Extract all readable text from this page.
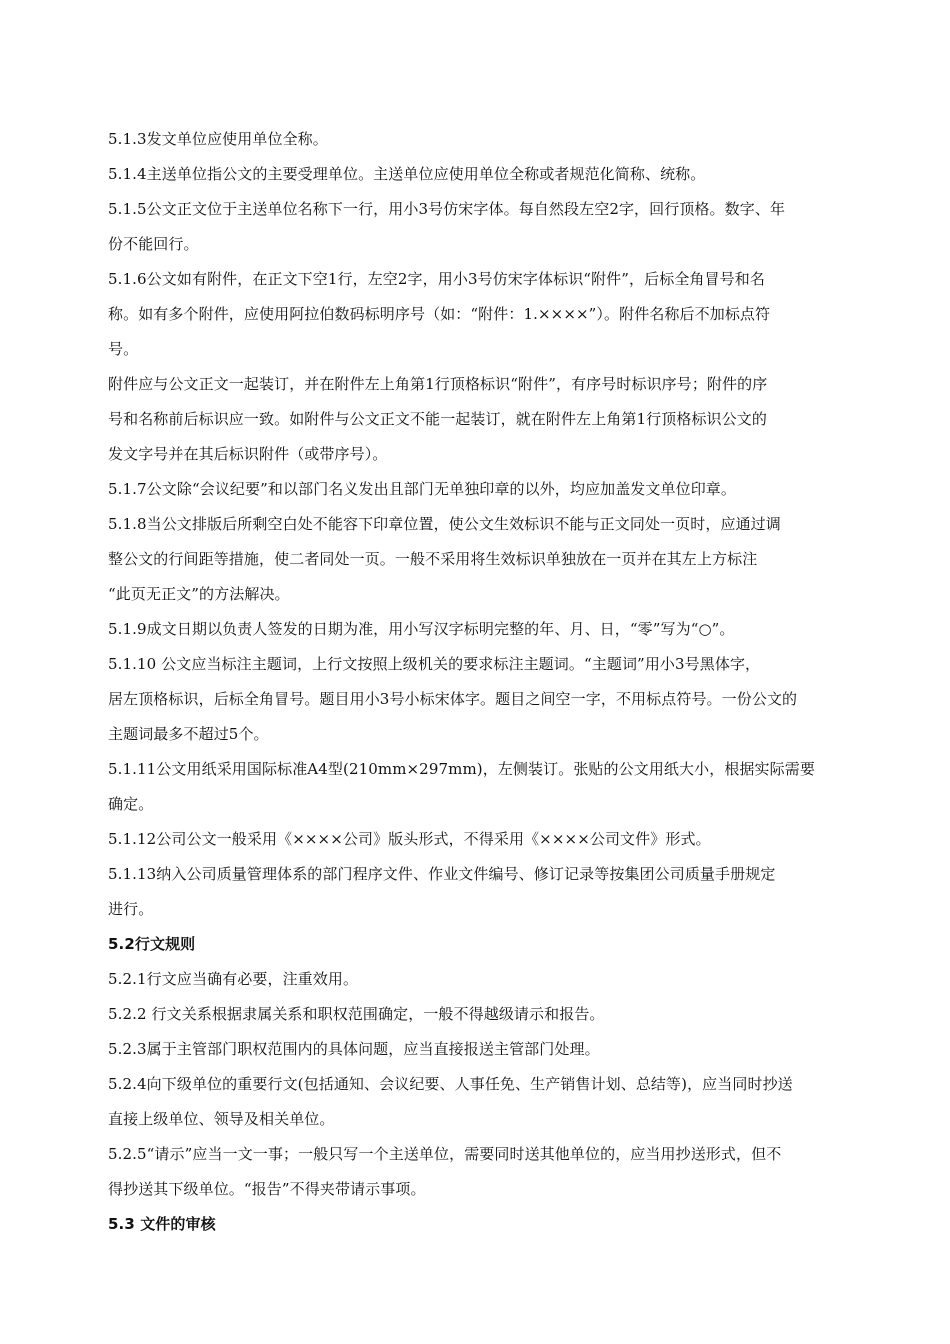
5.1.3发文单位应使用单位全称。

5.1.4主送单位指公文的主要受理单位。主送单位应使用单位全称或者规范化简称、统称。

5.1.5公文正文位于主送单位名称下一行，用小3号仿宋字体。每自然段左空2字，回行顶格。数字、年

份不能回行。

5.1.6公文如有附件，在正文下空1行，左空2字，用小3号仿宋字体标识“附件”，后标全角冒号和名

称。如有多个附件，应使用阿拉伯数码标明序号（如：“附件：1.××××”）。附件名称后不加标点符

号。

附件应与公文正文一起装订，并在附件左上角第1行顶格标识“附件”，有序号时标识序号；附件的序

号和名称前后标识应一致。如附件与公文正文不能一起装订，就在附件左上角第1行顶格标识公文的

发文字号并在其后标识附件（或带序号）。

5.1.7公文除“会议纪要”和以部门名义发出且部门无单独印章的以外，均应加盖发文单位印章。

5.1.8当公文排版后所剩空白处不能容下印章位置，使公文生效标识不能与正文同处一页时，应通过调

整公文的行间距等措施，使二者同处一页。一般不采用将生效标识单独放在一页并在其左上方标注

“此页无正文”的方法解决。

5.1.9成文日期以负责人签发的日期为准，用小写汉字标明完整的年、月、日，“零”写为“○”。

5.1.10 公文应当标注主题词，上行文按照上级机关的要求标注主题词。“主题词”用小3号黑体字，

居左顶格标识，后标全角冒号。题目用小3号小标宋体字。题目之间空一字，不用标点符号。一份公文的

主题词最多不超过5个。

5.1.11公文用纸采用国际标准A4型(210mm×297mm)，左侧装订。张贴的公文用纸大小，根据实际需要

确定。

5.1.12公司公文一般采用《××××公司》版头形式，不得采用《××××公司文件》形式。

5.1.13纳入公司质量管理体系的部门程序文件、作业文件编号、修订记录等按集团公司质量手册规定

进行。

5.2行文规则

5.2.1行文应当确有必要，注重效用。

5.2.2 行文关系根据隶属关系和职权范围确定，一般不得越级请示和报告。

5.2.3属于主管部门职权范围内的具体问题，应当直接报送主管部门处理。

5.2.4向下级单位的重要行文(包括通知、会议纪要、人事任免、生产销售计划、总结等)，应当同时抄送

直接上级单位、领导及相关单位。

5.2.5“请示”应当一文一事；一般只写一个主送单位，需要同时送其他单位的，应当用抄送形式，但不

得抄送其下级单位。“报告”不得夹带请示事项。

5.3 文件的审核
